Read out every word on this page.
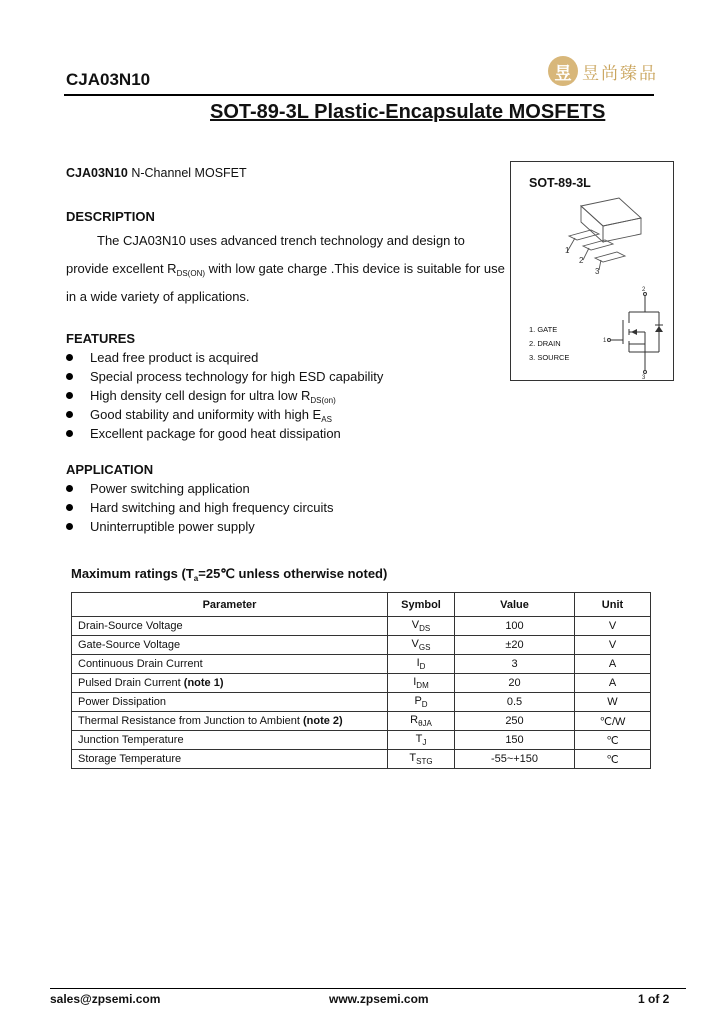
CJA03N10	昱 昱尚臻品
SOT-89-3L Plastic-Encapsulate MOSFETS
CJA03N10 N-Channel MOSFET
DESCRIPTION
The CJA03N10 uses advanced trench technology and design to
provide excellent $R_{DS(ON)}$ with low gate charge .This device is suitable for use
in a wide variety of applications.
FEATURES
Lead free product is acquired
Special process technology for high ESD capability
High density cell design for ultra low $R_{DS(on)}$
Good stability and uniformity with high $E_{AS}$
Excellent package for good heat dissipation
APPLICATION
Power switching application
Hard switching and high frequency circuits
Uninterruptible power supply
SOT-89-3L
1
2
3
2
1
3
1. GATE
2. DRAIN
3. SOURCE
Maximum ratings ($T_a=25℃$ unless otherwise noted)
Parameter	Symbol	Value	Unit
Drain-Source Voltage	$V_{DS}$	100	V
Gate-Source Voltage	$V_{GS}$	±20	V
Continuous Drain Current	$I_D$	3	A
Pulsed Drain Current (note 1)	$I_{DM}$	20	A
Power Dissipation	$P_D$	0.5	W
Thermal Resistance from Junction to Ambient (note 2)	$R_{\theta JA}$	250	℃/W
Junction Temperature	$T_J$	150	℃
Storage Temperature	$T_{STG}$	-55~+150	℃
sales@zpsemi.com	www.zpsemi.com	1 of 2
